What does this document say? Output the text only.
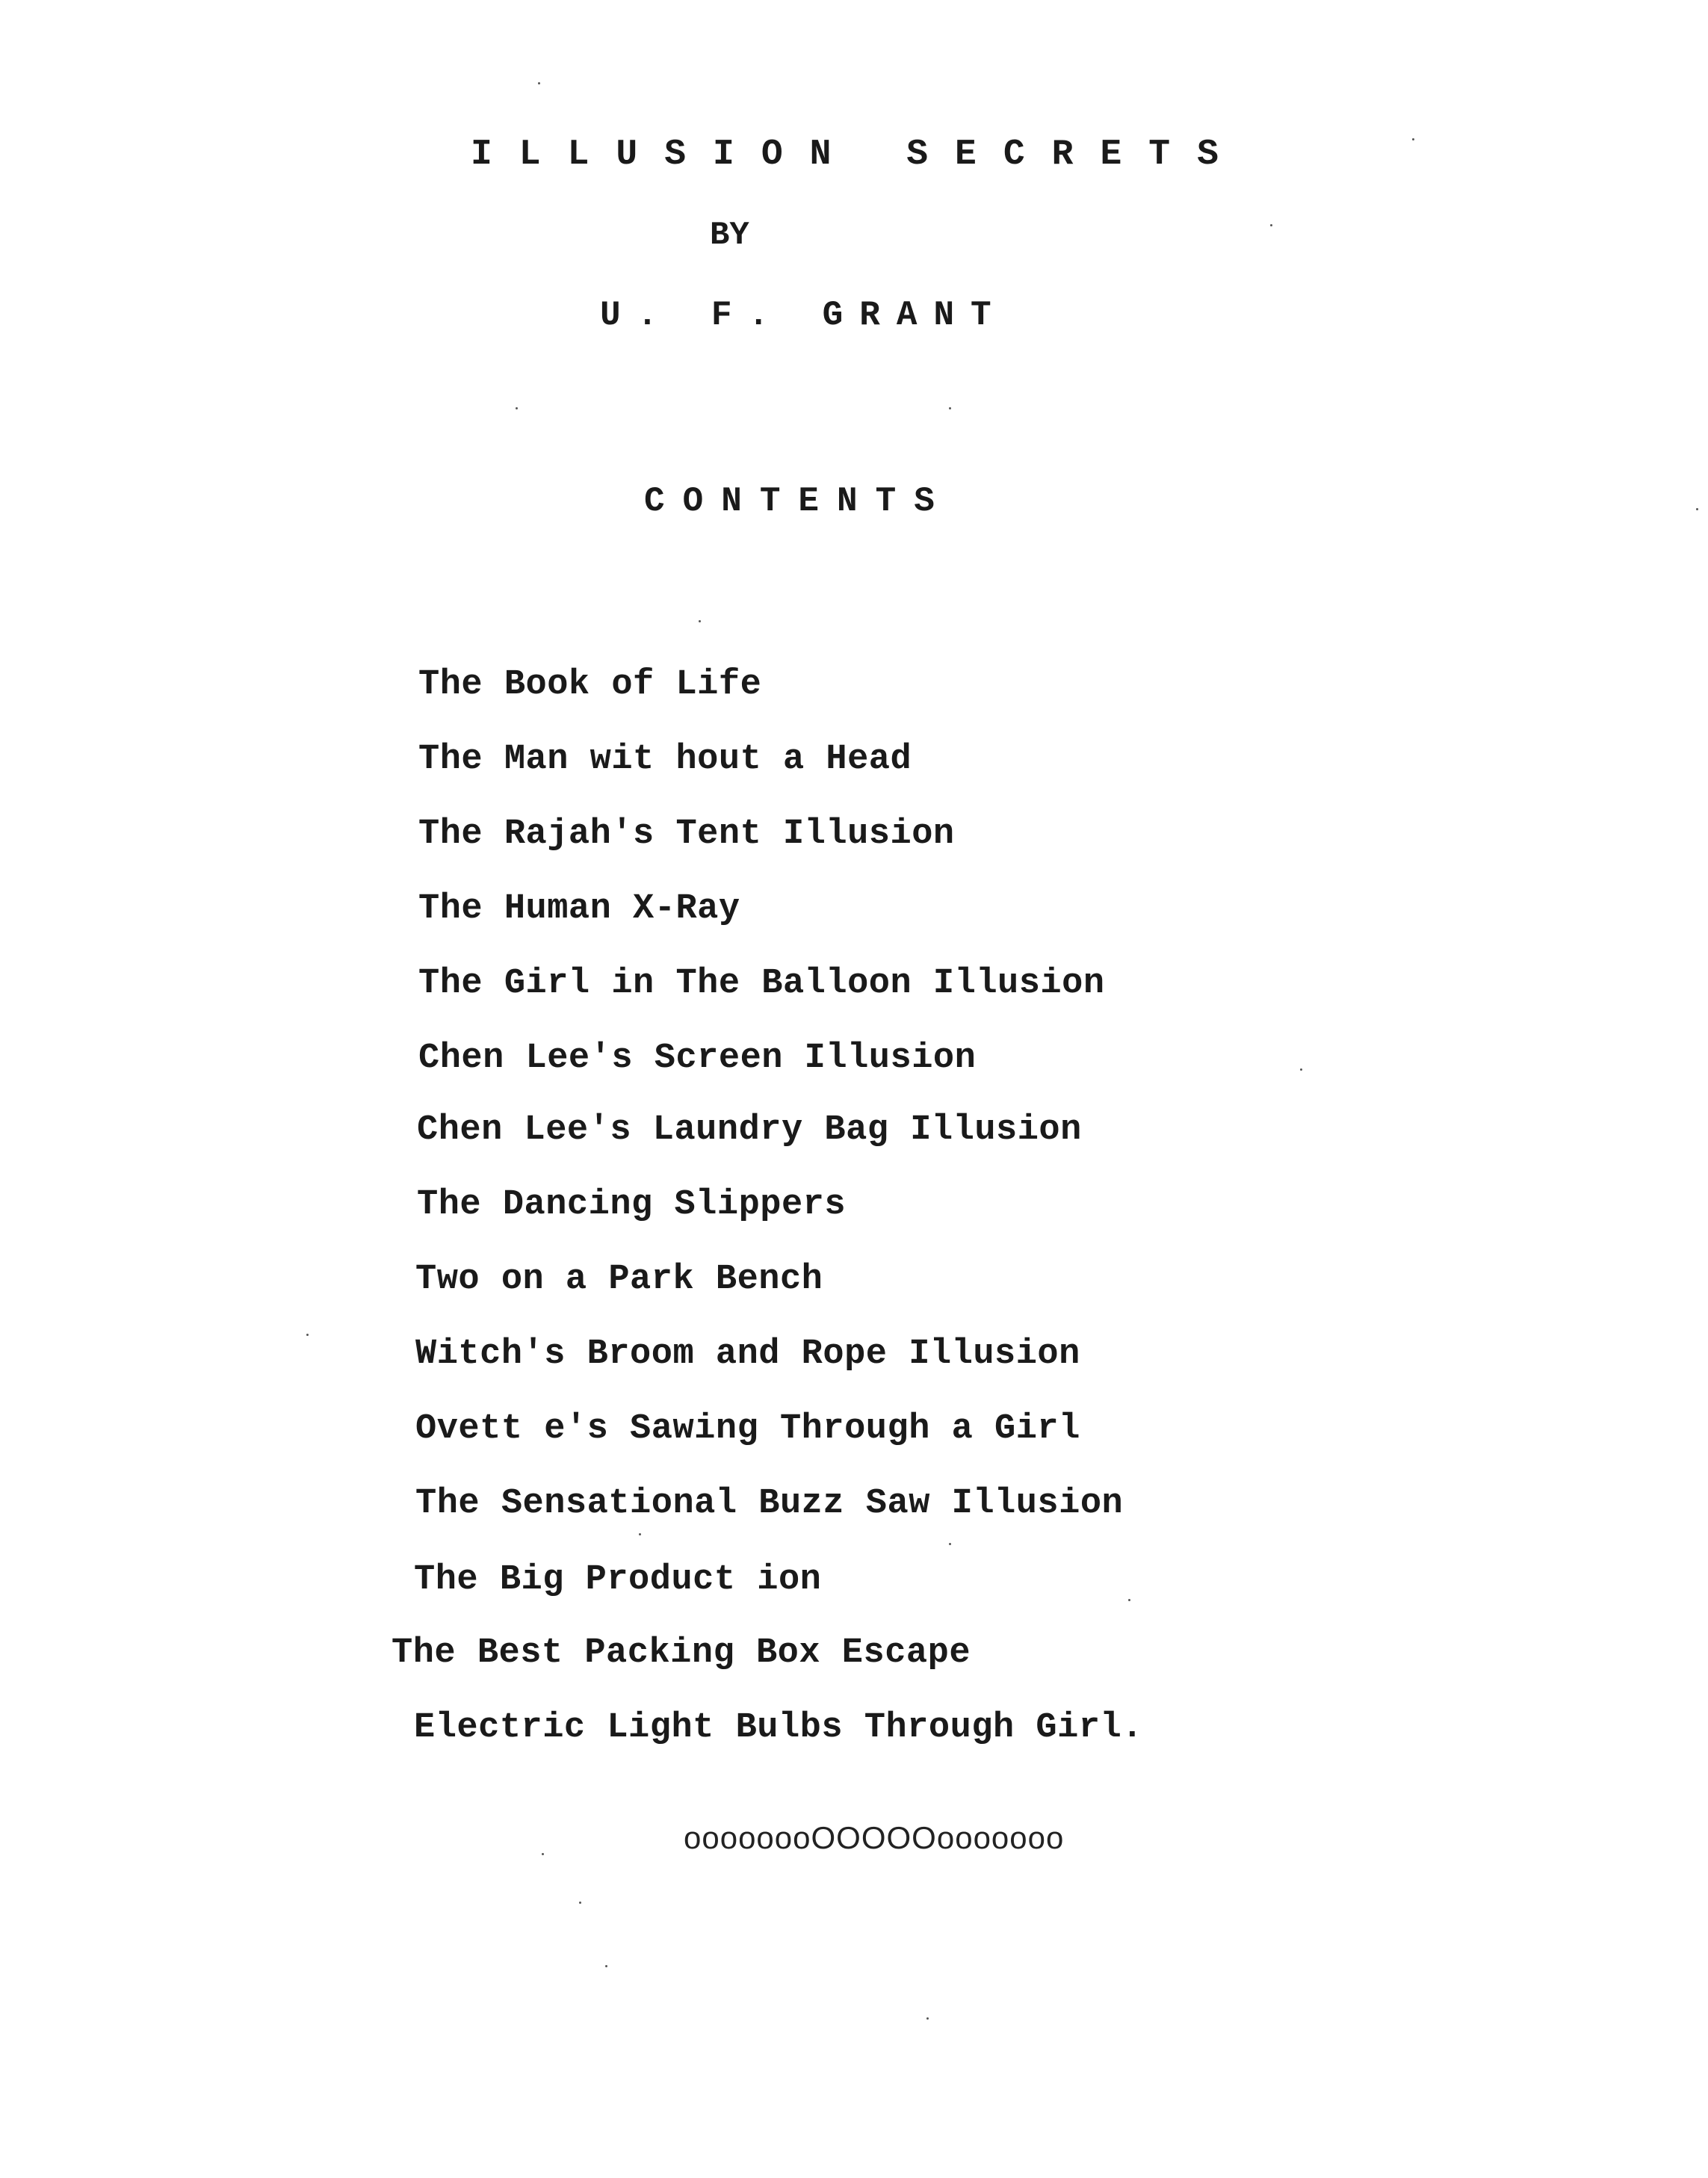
ILLUSION SECRETS
BY
U. F. GRANT
CONTENTS
The Book of Life
The Man wit hout a Head
The Rajah's Tent Illusion
The Human X-Ray
The Girl in The Balloon Illusion
Chen Lee's Screen Illusion
Chen Lee's Laundry Bag Illusion
The Dancing Slippers
Two on a Park Bench
Witch's Broom and Rope Illusion
Ovett e's Sawing Through a Girl
The Sensational Buzz Saw Illusion
The Big Product ion
The Best Packing Box Escape
Electric Light Bulbs Through Girl.
oooooooOOOOOooooooo
